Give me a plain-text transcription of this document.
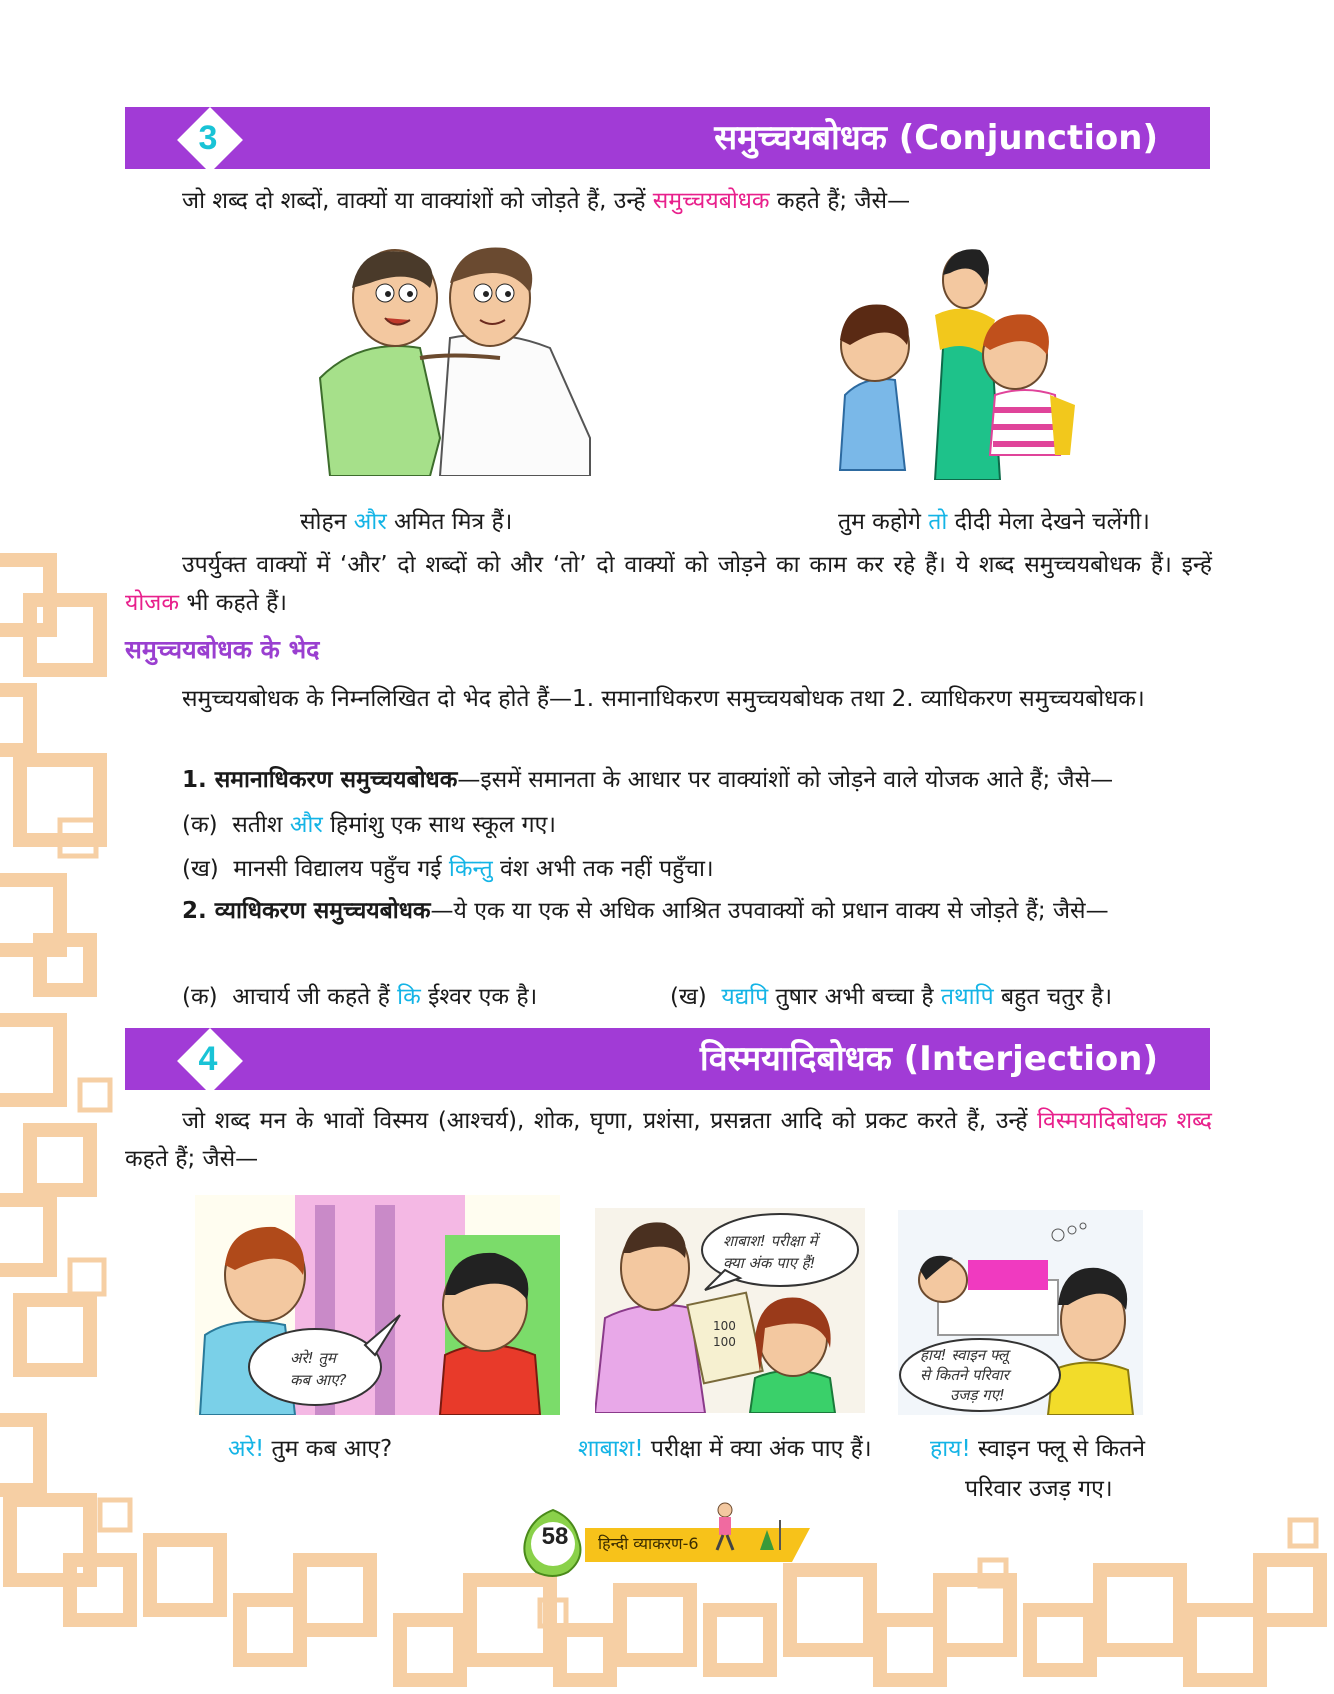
3	समुच्चयबोधक (Conjunction)
जो शब्द दो शब्दों, वाक्यों या वाक्यांशों को जोड़ते हैं, उन्हें समुच्चयबोधक कहते हैं; जैसे—
सोहन और अमित मित्र हैं।	तुम कहोगे तो दीदी मेला देखने चलेंगी।
उपर्युक्त वाक्यों में ‘और’ दो शब्दों को और ‘तो’ दो वाक्यों को जोड़ने का काम कर रहे हैं। ये शब्द समुच्चयबोधक हैं। इन्हें योजक भी कहते हैं।
समुच्चयबोधक के भेद
समुच्चयबोधक के निम्नलिखित दो भेद होते हैं—1. समानाधिकरण समुच्चयबोधक तथा 2. व्याधिकरण समुच्चयबोधक।
1. समानाधिकरण समुच्चयबोधक—इसमें समानता के आधार पर वाक्यांशों को जोड़ने वाले योजक आते हैं; जैसे—
(क) सतीश और हिमांशु एक साथ स्कूल गए।
(ख) मानसी विद्यालय पहुँच गई किन्तु वंश अभी तक नहीं पहुँचा।
2. व्याधिकरण समुच्चयबोधक—ये एक या एक से अधिक आश्रित उपवाक्यों को प्रधान वाक्य से जोड़ते हैं; जैसे—
(क) आचार्य जी कहते हैं कि ईश्वर एक है।	(ख) यद्यपि तुषार अभी बच्चा है तथापि बहुत चतुर है।
4	विस्मयादिबोधक (Interjection)
जो शब्द मन के भावों विस्मय (आश्चर्य), शोक, घृणा, प्रशंसा, प्रसन्नता आदि को प्रकट करते हैं, उन्हें विस्मयादिबोधक शब्द कहते हैं; जैसे—
अरे! तुम
कब आए?
100
100
शाबाश! परीक्षा में
क्या अंक पाए हैं!
हाय! स्वाइन फ्लू
से कितने परिवार
उजड़ गए!
अरे! तुम कब आए?	शाबाश! परीक्षा में क्या अंक पाए हैं।	हाय! स्वाइन फ्लू से कितने
परिवार उजड़ गए।
58	हिन्दी व्याकरण-6
